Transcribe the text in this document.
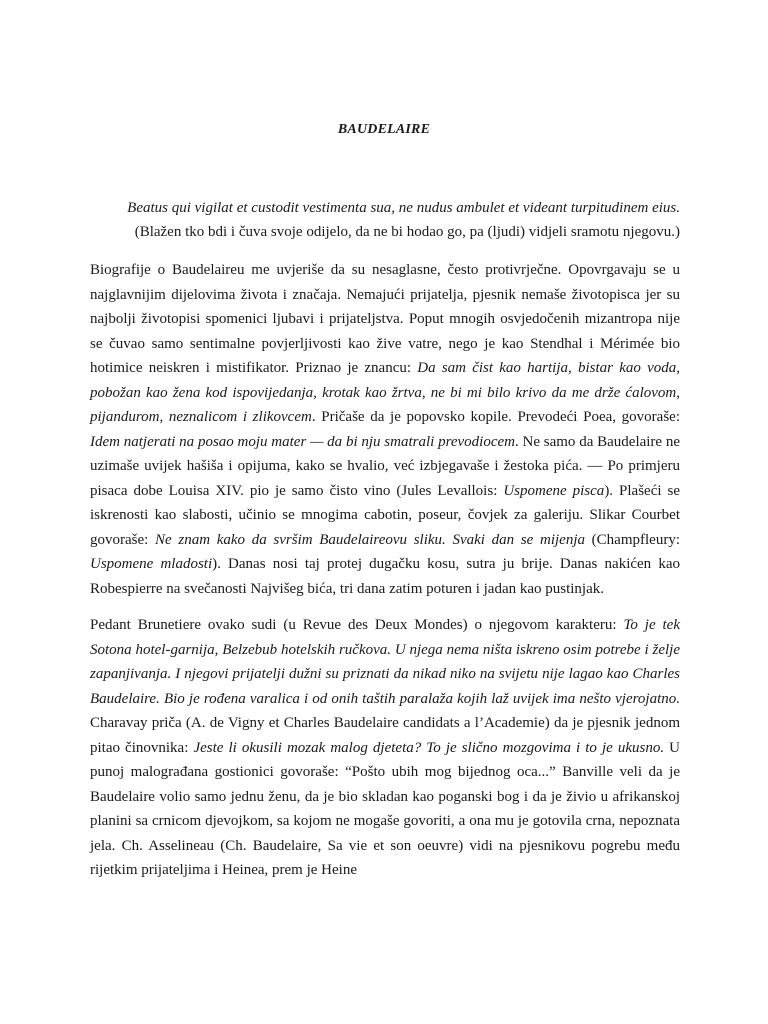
BAUDELAIRE
Beatus qui vigilat et custodit vestimenta sua, ne nudus ambulet et videant turpitudinem eius.
(Blažen tko bdi i čuva svoje odijelo, da ne bi hodao go, pa (ljudi) vidjeli sramotu njegovu.)

Biografije o Baudelaireu me uvjeriše da su nesaglasne, često protivrječne. Opovrgavaju se u najglavnijim dijelovima života i značaja. Nemajući prijatelja, pjesnik nemaše životopisca jer su najbolji životopisi spomenici ljubavi i prijateljstva. Poput mnogih osvjedočenih mizantropa nije se čuvao samo sentimalne povjerljivosti kao žive vatre, nego je kao Stendhal i Mérimée bio hotimice neiskren i mistifikator. Priznao je znancu: Da sam čist kao hartija, bistar kao voda, pobožan kao žena kod ispovijedanja, krotak kao žrtva, ne bi mi bilo krivo da me drže ćalovom, pijandurom, neznalicom i zlikovcem. Pričaše da je popovsko kopile. Prevodeći Poea, govoraše: Idem natjerati na posao moju mater — da bi nju smatrali prevodiocem. Ne samo da Baudelaire ne uzimaše uvijek hašiša i opijuma, kako se hvalio, već izbjegavaše i žestoka pića. — Po primjeru pisaca dobe Louisa XIV. pio je samo čisto vino (Jules Levallois: Uspomene pisca). Plašeći se iskrenosti kao slabosti, učinio se mnogima cabotin, poseur, čovjek za galeriju. Slikar Courbet govoraše: Ne znam kako da svršim Baudelaireovu sliku. Svaki dan se mijenja (Champfleury: Uspomene mladosti). Danas nosi taj protej dugačku kosu, sutra ju brije. Danas nakićen kao Robespierre na svečanosti Najvišeg bića, tri dana zatim poturen i jadan kao pustinjak.

Pedant Brunetiere ovako sudi (u Revue des Deux Mondes) o njegovom karakteru: To je tek Sotona hotel-garnija, Belzebub hotelskih ručkova. U njega nema ništa iskreno osim potrebe i želje zapanjivanja. I njegovi prijatelji dužni su priznati da nikad niko na svijetu nije lagao kao Charles Baudelaire. Bio je rođena varalica i od onih taštih paralaža kojih laž uvijek ima nešto vjerojatno. Charavay priča (A. de Vigny et Charles Baudelaire candidats a l’Academie) da je pjesnik jednom pitao činovnika: Jeste li okusili mozak malog djeteta? To je slično mozgovima i to je ukusno. U punoj malograđana gostionici govoraše: “Pošto ubih mog bijednog oca...” Banville veli da je Baudelaire volio samo jednu ženu, da je bio skladan kao poganski bog i da je živio u afrikanskoj planini sa crnicom djevojkom, sa kojom ne mogaše govoriti, a ona mu je gotovila crna, nepoznata jela. Ch. Asselineau (Ch. Baudelaire, Sa vie et son oeuvre) vidi na pjesnikovu pogrebu među rijetkim prijateljima i Heinea, prem je Heine
